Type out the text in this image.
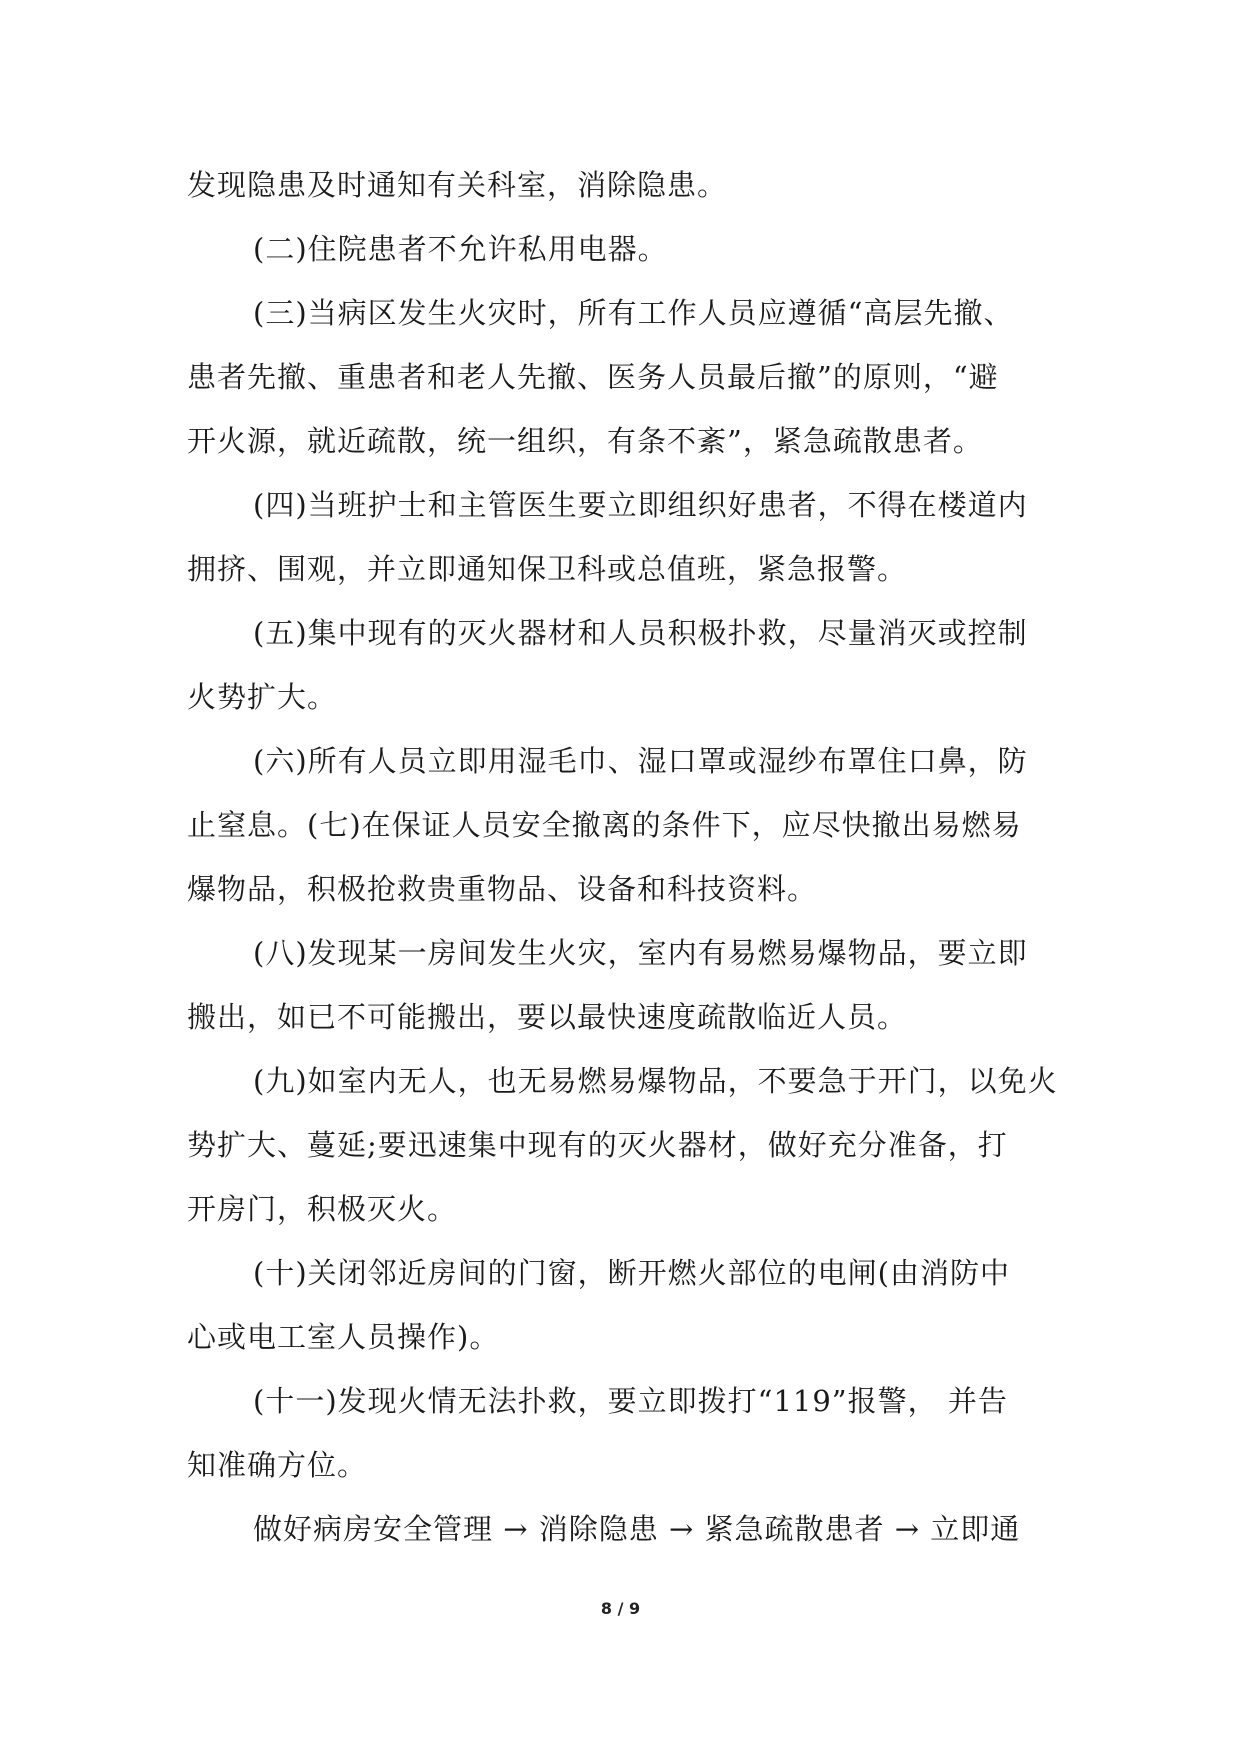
发现隐患及时通知有关科室，消除隐患。
(二)住院患者不允许私用电器。
(三)当病区发生火灾时，所有工作人员应遵循“高层先撤、
患者先撤、重患者和老人先撤、医务人员最后撤”的原则，“避
开火源，就近疏散，统一组织，有条不紊”，紧急疏散患者。
(四)当班护士和主管医生要立即组织好患者，不得在楼道内
拥挤、围观，并立即通知保卫科或总值班，紧急报警。
(五)集中现有的灭火器材和人员积极扑救，尽量消灭或控制
火势扩大。
(六)所有人员立即用湿毛巾、湿口罩或湿纱布罩住口鼻，防
止窒息。(七)在保证人员安全撤离的条件下，应尽快撤出易燃易
爆物品，积极抢救贵重物品、设备和科技资料。
(八)发现某一房间发生火灾，室内有易燃易爆物品，要立即
搬出，如已不可能搬出，要以最快速度疏散临近人员。
(九)如室内无人，也无易燃易爆物品，不要急于开门，以免火
势扩大、蔓延;要迅速集中现有的灭火器材，做好充分准备，打
开房门，积极灭火。
(十)关闭邻近房间的门窗，断开燃火部位的电闸(由消防中
心或电工室人员操作)。
(十一)发现火情无法扑救，要立即拨打“119”报警， 并告
知准确方位。
做好病房安全管理 → 消除隐患 → 紧急疏散患者 → 立即通
8 / 9
